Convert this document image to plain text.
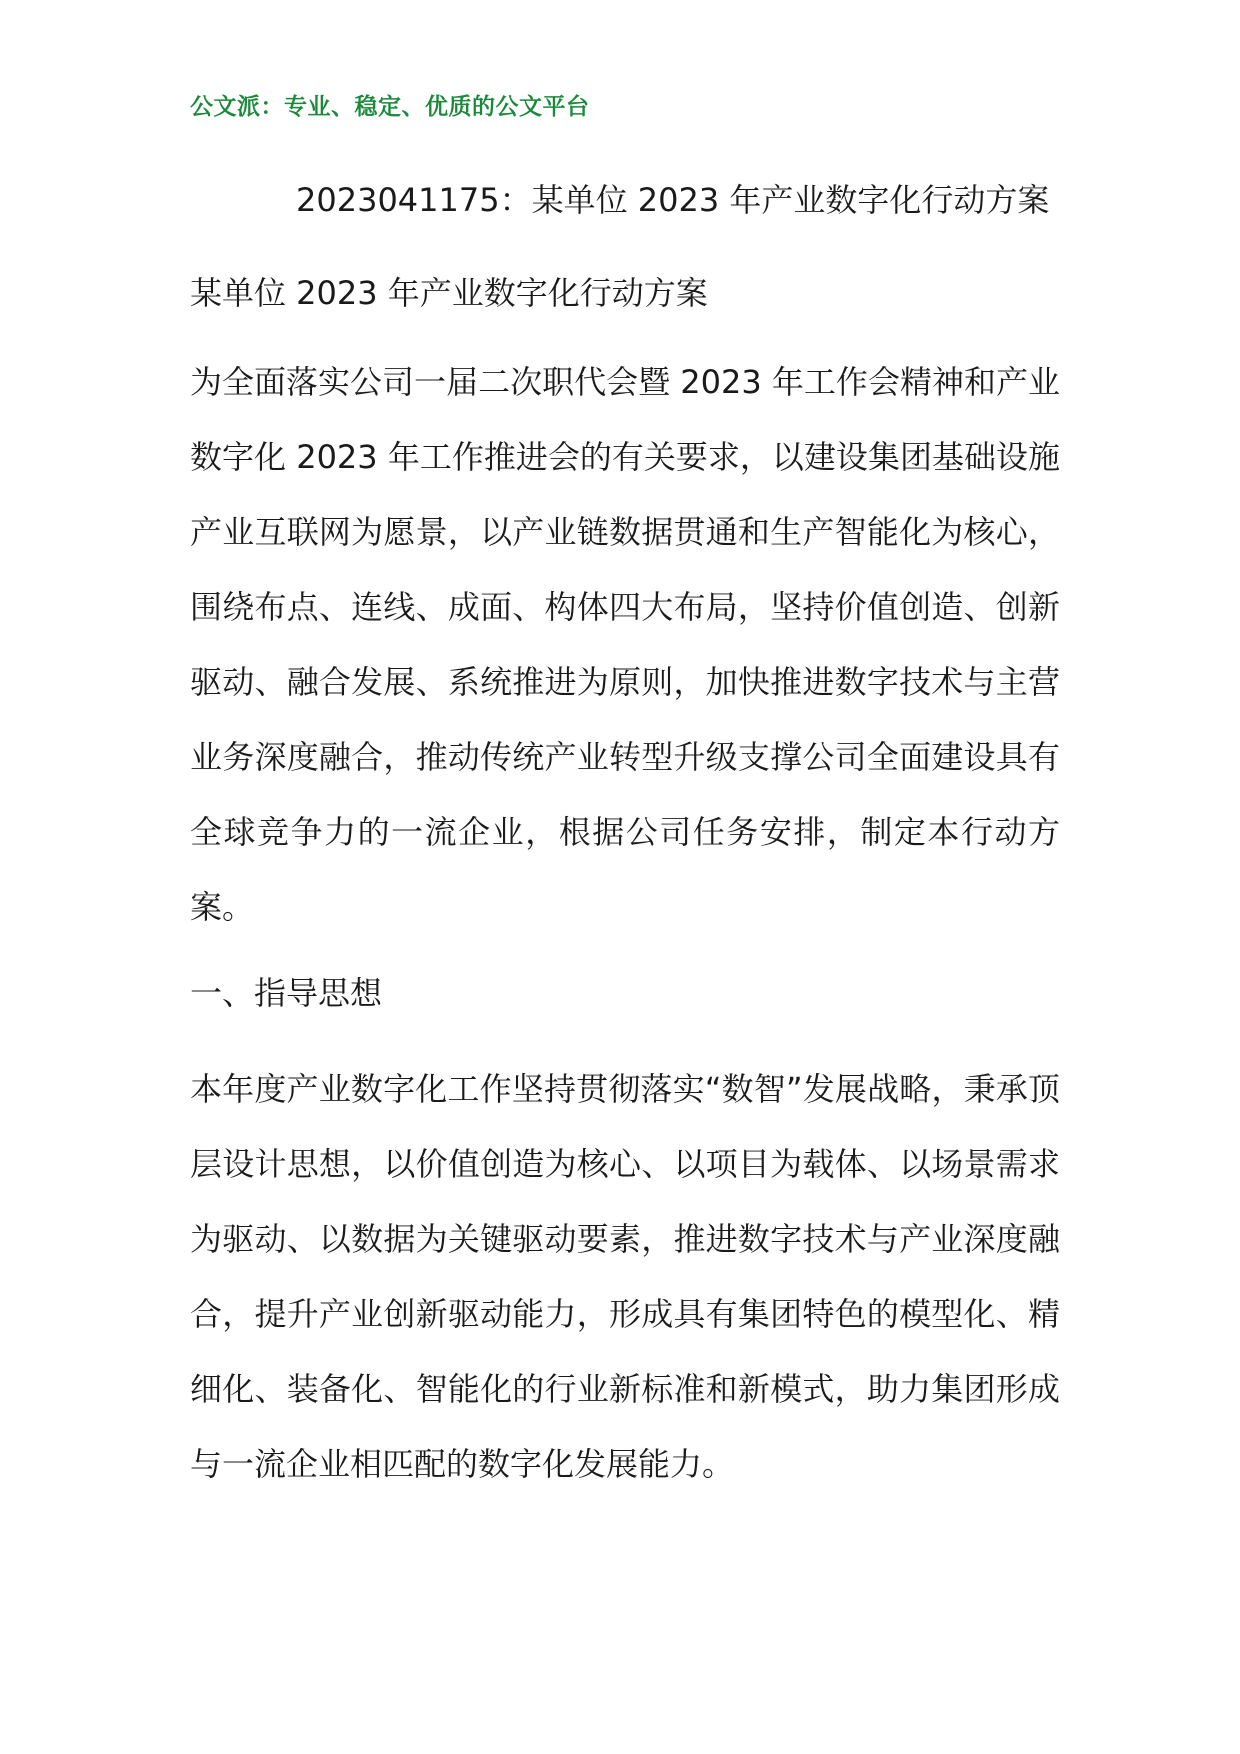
公文派：专业、稳定、优质的公文平台
2023041175：某单位 2023 年产业数字化行动方案
某单位 2023 年产业数字化行动方案
为全面落实公司一届二次职代会暨 2023 年工作会精神和产业数字化 2023 年工作推进会的有关要求，以建设集团基础设施产业互联网为愿景，以产业链数据贯通和生产智能化为核心，围绕布点、连线、成面、构体四大布局，坚持价值创造、创新驱动、融合发展、系统推进为原则，加快推进数字技术与主营业务深度融合，推动传统产业转型升级支撑公司全面建设具有全球竞争力的一流企业，根据公司任务安排，制定本行动方案。
一、指导思想
本年度产业数字化工作坚持贯彻落实“数智”发展战略，秉承顶层设计思想，以价值创造为核心、以项目为载体、以场景需求为驱动、以数据为关键驱动要素，推进数字技术与产业深度融合，提升产业创新驱动能力，形成具有集团特色的模型化、精细化、装备化、智能化的行业新标准和新模式，助力集团形成与一流企业相匹配的数字化发展能力。
